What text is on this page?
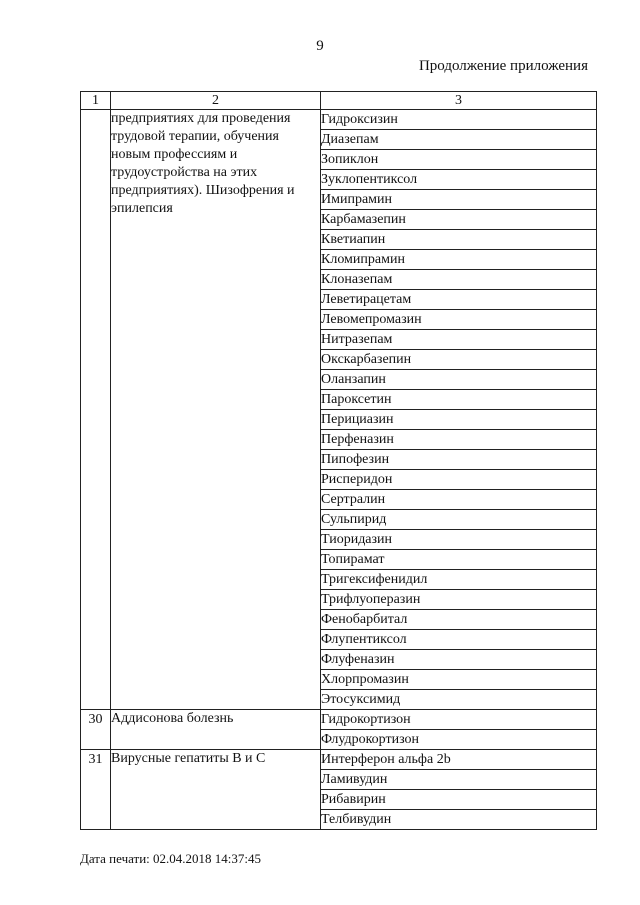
9
Продолжение приложения
1	2	3
	предприятиях для проведения трудовой терапии, обучения новым профессиям и трудоустройства на этих предприятиях). Шизофрения и эпилепсия	Гидроксизин
		Диазепам
		Зопиклон
		Зуклопентиксол
		Имипрамин
		Карбамазепин
		Кветиапин
		Кломипрамин
		Клоназепам
		Леветирацетам
		Левомепромазин
		Нитразепам
		Окскарбазепин
		Оланзапин
		Пароксетин
		Перициазин
		Перфеназин
		Пипофезин
		Рисперидон
		Сертралин
		Сульпирид
		Тиоридазин
		Топирамат
		Тригексифенидил
		Трифлуоперазин
		Фенобарбитал
		Флупентиксол
		Флуфеназин
		Хлорпромазин
		Этосуксимид
30	Аддисонова болезнь	Гидрокортизон
		Флудрокортизон
31	Вирусные гепатиты B и C	Интерферон альфа 2b
		Ламивудин
		Рибавирин
		Телбивудин
Дата печати: 02.04.2018 14:37:45
